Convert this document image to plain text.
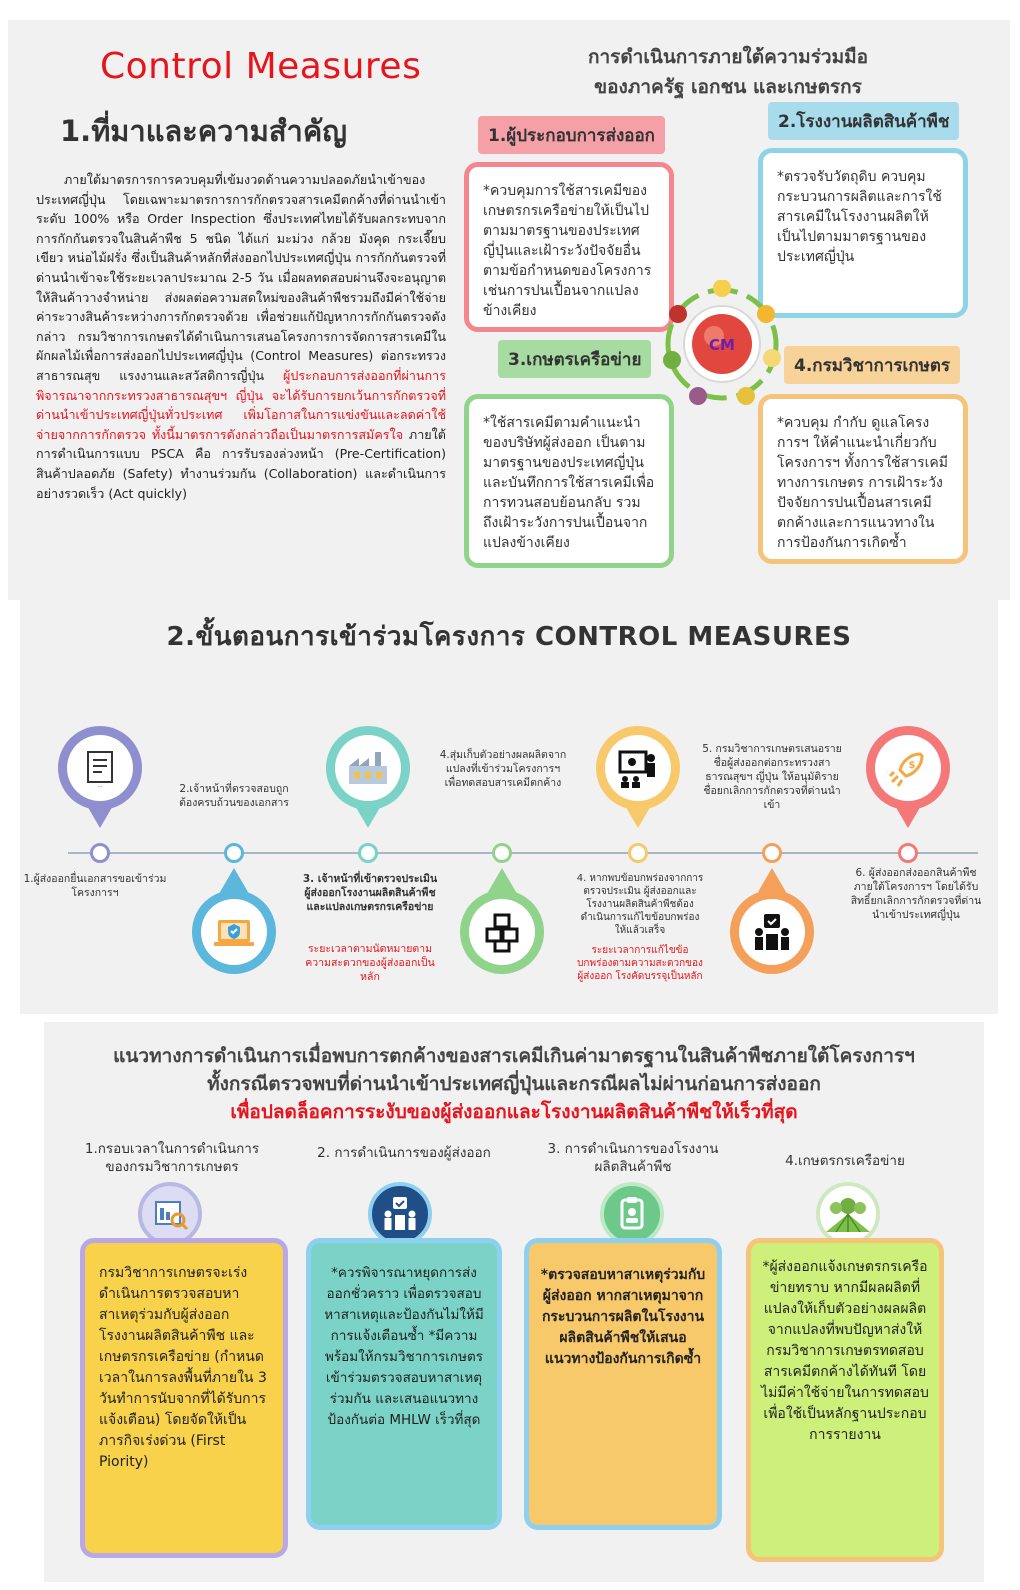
Control Measures
1.ที่มาและความสำคัญ
ภายใต้มาตรการการควบคุมที่เข้มงวดด้านความปลอดภัยนำเข้าของประเทศญี่ปุ่น โดยเฉพาะมาตรการการกักตรวจสารเคมีตกค้างที่ด่านนำเข้าระดับ 100% หรือ Order Inspection ซึ่งประเทศไทยได้รับผลกระทบจากการกักกันตรวจในสินค้าพืช 5 ชนิด ได้แก่ มะม่วง กล้วย มังคุด กระเจี๊ยบเขียว หน่อไม้ฝรั่ง ซึ่งเป็นสินค้าหลักที่ส่งออกไปประเทศญี่ปุ่น การกักกันตรวจที่ด่านนำเข้าจะใช้ระยะเวลาประมาณ 2-5 วัน เมื่อผลทดสอบผ่านจึงจะอนุญาตให้สินค้าวางจำหน่าย ส่งผลต่อความสดใหม่ของสินค้าพืชรวมถึงมีค่าใช้จ่าย ค่าระวางสินค้าระหว่างการกักตรวจด้วย เพื่อช่วยแก้ปัญหาการกักกันตรวจดังกล่าว กรมวิชาการเกษตรได้ดำเนินการเสนอโครงการการจัดการสารเคมีในผักผลไม้เพื่อการส่งออกไปประเทศญี่ปุ่น (Control Measures) ต่อกระทรวงสาธารณสุข แรงงานและสวัสดิการญี่ปุ่น ผู้ประกอบการส่งออกที่ผ่านการพิจารณาจากกระทรวงสาธารณสุขฯ ญี่ปุ่น จะได้รับการยกเว้นการกักตรวจที่ด่านนำเข้าประเทศญี่ปุ่นทั่วประเทศ เพิ่มโอกาสในการแข่งขันและลดค่าใช้จ่ายจากการกักตรวจ ทั้งนี้มาตรการดังกล่าวถือเป็นมาตรการสมัครใจ ภายใต้การดำเนินการแบบ PSCA คือ การรับรองล่วงหน้า (Pre-Certification) สินค้าปลอดภัย (Safety) ทำงานร่วมกัน (Collaboration) และดำเนินการอย่างรวดเร็ว (Act quickly)
การดำเนินการภายใต้ความร่วมมือ
ของภาครัฐ เอกชน และเกษตรกร
1.ผู้ประกอบการส่งออก
*ควบคุมการใช้สารเคมีของเกษตรกรเครือข่ายให้เป็นไปตามมาตรฐานของประเทศญี่ปุ่นและเฝ้าระวังปัจจัยอื่นตามข้อกำหนดของโครงการ เช่นการปนเปื้อนจากแปลงข้างเคียง
2.โรงงานผลิตสินค้าพืช
*ตรวจรับวัตถุดิบ ควบคุมกระบวนการผลิตและการใช้สารเคมีในโรงงานผลิตให้เป็นไปตามมาตรฐานของประเทศญี่ปุ่น
3.เกษตรเครือข่าย
*ใช้สารเคมีตามคำแนะนำของบริษัทผู้ส่งออก เป็นตามมาตรฐานของประเทศญี่ปุ่นและบันทึกการใช้สารเคมีเพื่อการทวนสอบย้อนกลับ รวมถึงเฝ้าระวังการปนเปื้อนจากแปลงข้างเคียง
4.กรมวิชาการเกษตร
*ควบคุม กำกับ ดูแลโครงการฯ ให้คำแนะนำเกี่ยวกับโครงการฯ ทั้งการใช้สารเคมีทางการเกษตร การเฝ้าระวังปัจจัยการปนเปื้อนสารเคมีตกค้างและการแนวทางในการป้องกันการเกิดซ้ำ
CM
2.ขั้นตอนการเข้าร่วมโครงการ CONTROL MEASURES
...
1.ผู้ส่งออกยื่นเอกสารขอเข้าร่วมโครงการฯ
2.เจ้าหน้าที่ตรวจสอบถูกต้องครบถ้วนของเอกสาร
3. เจ้าหน้าที่เข้าตรวจประเมินผู้ส่งออกโรงงานผลิตสินค้าพืชและแปลงเกษตรกรเครือข่าย
ระยะเวลาตามนัดหมายตามความสะดวกของผู้ส่งออกเป็นหลัก
4.สุ่มเก็บตัวอย่างผลผลิตจากแปลงที่เข้าร่วมโครงการฯเพื่อทดสอบสารเคมีตกค้าง
4. หากพบข้อบกพร่องจากการตรวจประเมิน ผู้ส่งออกและโรงงานผลิตสินค้าพืชต้องดำเนินการแก้ไขข้อบกพร่องให้แล้วเสร็จ
ระยะเวลาการแก้ไขข้อบกพร่องตามความสะดวกของผู้ส่งออก โรงคัดบรรจุเป็นหลัก
5. กรมวิชาการเกษตรเสนอรายชื่อผู้ส่งออกต่อกระทรวงสาธารณสุขฯ ญี่ปุ่น ให้อนุมัติรายชื่อยกเลิกการกักตรวจที่ด่านนำเข้า
$
6. ผู้ส่งออกส่งออกสินค้าพืชภายใต้โครงการฯ โดยได้รับสิทธิ์ยกเลิกการกักตรวจที่ด่านนำเข้าประเทศญี่ปุ่น
แนวทางการดำเนินการเมื่อพบการตกค้างของสารเคมีเกินค่ามาตรฐานในสินค้าพืชภายใต้โครงการฯ
ทั้งกรณีตรวจพบที่ด่านนำเข้าประเทศญี่ปุ่นและกรณีผลไม่ผ่านก่อนการส่งออก
เพื่อปลดล็อคการระงับของผู้ส่งออกและโรงงานผลิตสินค้าพืชให้เร็วที่สุด
1.กรอบเวลาในการดำเนินการของกรมวิชาการเกษตร
กรมวิชาการเกษตรจะเร่งดำเนินการตรวจสอบหาสาเหตุร่วมกับผู้ส่งออก โรงงานผลิตสินค้าพืช และเกษตรกรเครือข่าย (กำหนดเวลาในการลงพื้นที่ภายใน 3 วันทำการนับจากที่ได้รับการแจ้งเตือน) โดยจัดให้เป็น ภารกิจเร่งด่วน (First Piority)
2. การดำเนินการของผู้ส่งออก
*ควรพิจารณาหยุดการส่งออกชั่วคราว เพื่อตรวจสอบหาสาเหตุและป้องกันไม่ให้มีการแจ้งเตือนซ้ำ *มีความพร้อมให้กรมวิชาการเกษตรเข้าร่วมตรวจสอบหาสาเหตุร่วมกัน และเสนอแนวทางป้องกันต่อ MHLW เร็วที่สุด
3. การดำเนินการของโรงงานผลิตสินค้าพืช
*ตรวจสอบหาสาเหตุร่วมกับผู้ส่งออก หากสาเหตุมาจากกระบวนการผลิตในโรงงานผลิตสินค้าพืชให้เสนอแนวทางป้องกันการเกิดซ้ำ
4.เกษตรกรเครือข่าย
*ผู้ส่งออกแจ้งเกษตรกรเครือข่ายทราบ หากมีผลผลิตที่แปลงให้เก็บตัวอย่างผลผลิตจากแปลงที่พบปัญหาส่งให้กรมวิชาการเกษตรทดสอบสารเคมีตกค้างได้ทันที โดยไม่มีค่าใช้จ่ายในการทดสอบ เพื่อใช้เป็นหลักฐานประกอบการรายงาน
